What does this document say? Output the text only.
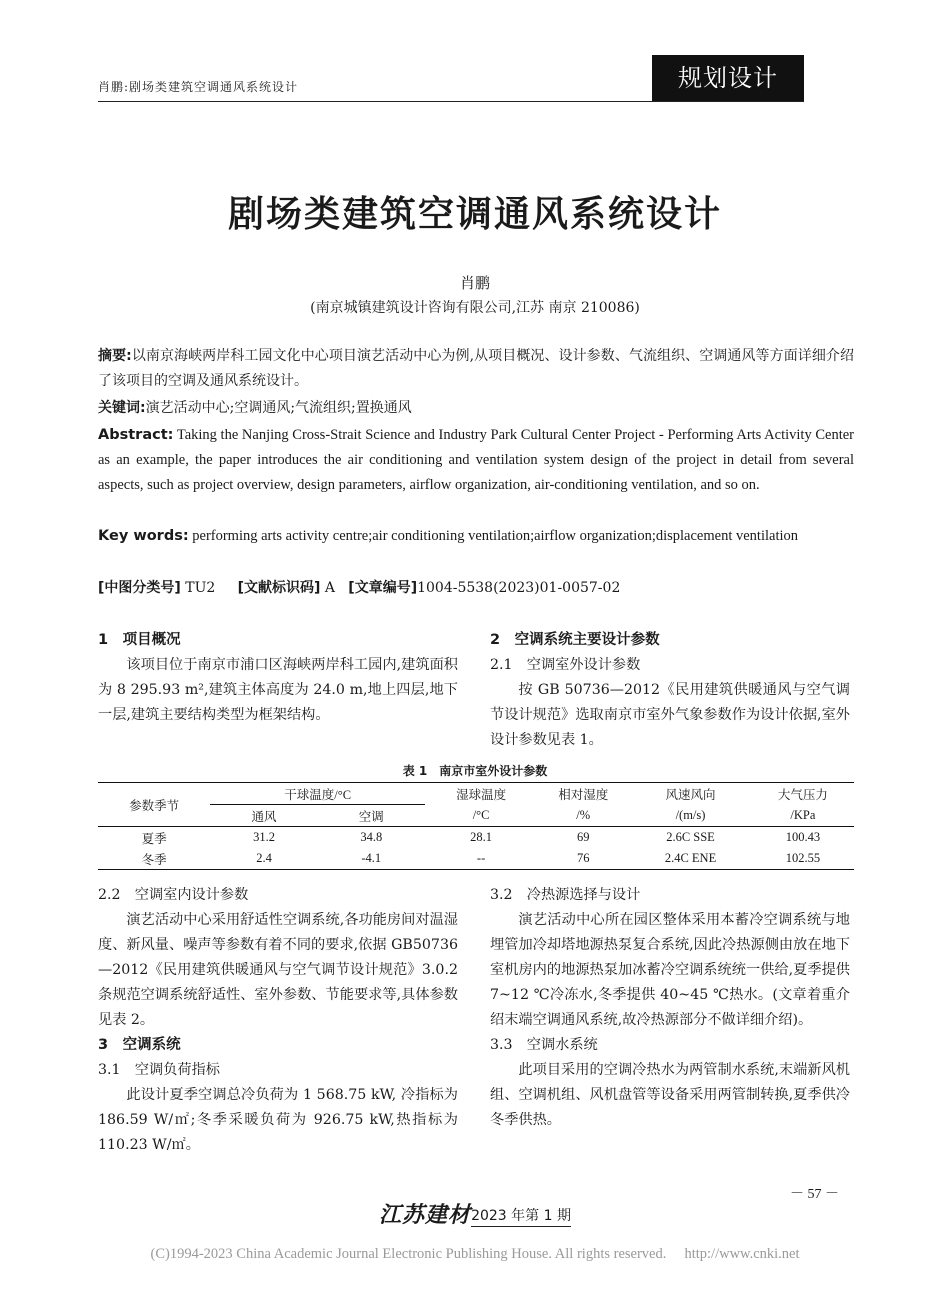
肖鹏:剧场类建筑空调通风系统设计	规划设计
剧场类建筑空调通风系统设计
肖鹏
(南京城镇建筑设计咨询有限公司,江苏 南京 210086)
摘要:以南京海峡两岸科工园文化中心项目演艺活动中心为例,从项目概况、设计参数、气流组织、空调通风等方面详细介绍了该项目的空调及通风系统设计。
关键词:演艺活动中心;空调通风;气流组织;置换通风
Abstract: Taking the Nanjing Cross-Strait Science and Industry Park Cultural Center Project - Performing Arts Activity Center as an example, the paper introduces the air conditioning and ventilation system design of the project in detail from several aspects, such as project overview, design parameters, airflow organization, air-conditioning ventilation, and so on.
Key words: performing arts activity centre;air conditioning ventilation;airflow organization;displacement ventilation
[中图分类号] TU2 [文献标识码] A [文章编号]1004-5538(2023)01-0057-02

1　项目概况

该项目位于南京市浦口区海峡两岸科工园内,建筑面积为 8 295.93 m²,建筑主体高度为 24.0 m,地上四层,地下一层,建筑主要结构类型为框架结构。

2　空调系统主要设计参数

2.1　空调室外设计参数

按 GB 50736—2012《民用建筑供暖通风与空气调节设计规范》选取南京市室外气象参数作为设计依据,室外设计参数见表 1。

表 1　南京市室外设计参数
参数季节	干球温度/°C		湿球温度	相对湿度	风速风向	大气压力
	通风	空调	/°C	/%	/(m/s)	/KPa
夏季	31.2	34.8	28.1	69	2.6C SSE	100.43
冬季	2.4	-4.1	--	76	2.4C ENE	102.55

2.2　空调室内设计参数

演艺活动中心采用舒适性空调系统,各功能房间对温湿度、新风量、噪声等参数有着不同的要求,依据 GB50736—2012《民用建筑供暖通风与空气调节设计规范》3.0.2 条规范空调系统舒适性、室外参数、节能要求等,具体参数见表 2。

3　空调系统

3.1　空调负荷指标

此设计夏季空调总冷负荷为 1 568.75 kW, 冷指标为 186.59 W/㎡;冬季采暖负荷为 926.75 kW,热指标为 110.23 W/㎡。

3.2　冷热源选择与设计

演艺活动中心所在园区整体采用本蓄冷空调系统与地埋管加冷却塔地源热泵复合系统,因此冷热源侧由放在地下室机房内的地源热泵加冰蓄冷空调系统统一供给,夏季提供 7~12 ℃冷冻水,冬季提供 40~45 ℃热水。(文章着重介绍末端空调通风系统,故冷热源部分不做详细介绍)。

3.3　空调水系统

此项目采用的空调冷热水为两管制水系统,末端新风机组、空调机组、风机盘管等设备采用两管制转换,夏季供冷冬季供热。

－ 57 －
江苏建材2023 年第 1 期
(C)1994-2023 China Academic Journal Electronic Publishing House. All rights reserved.　 http://www.cnki.net
